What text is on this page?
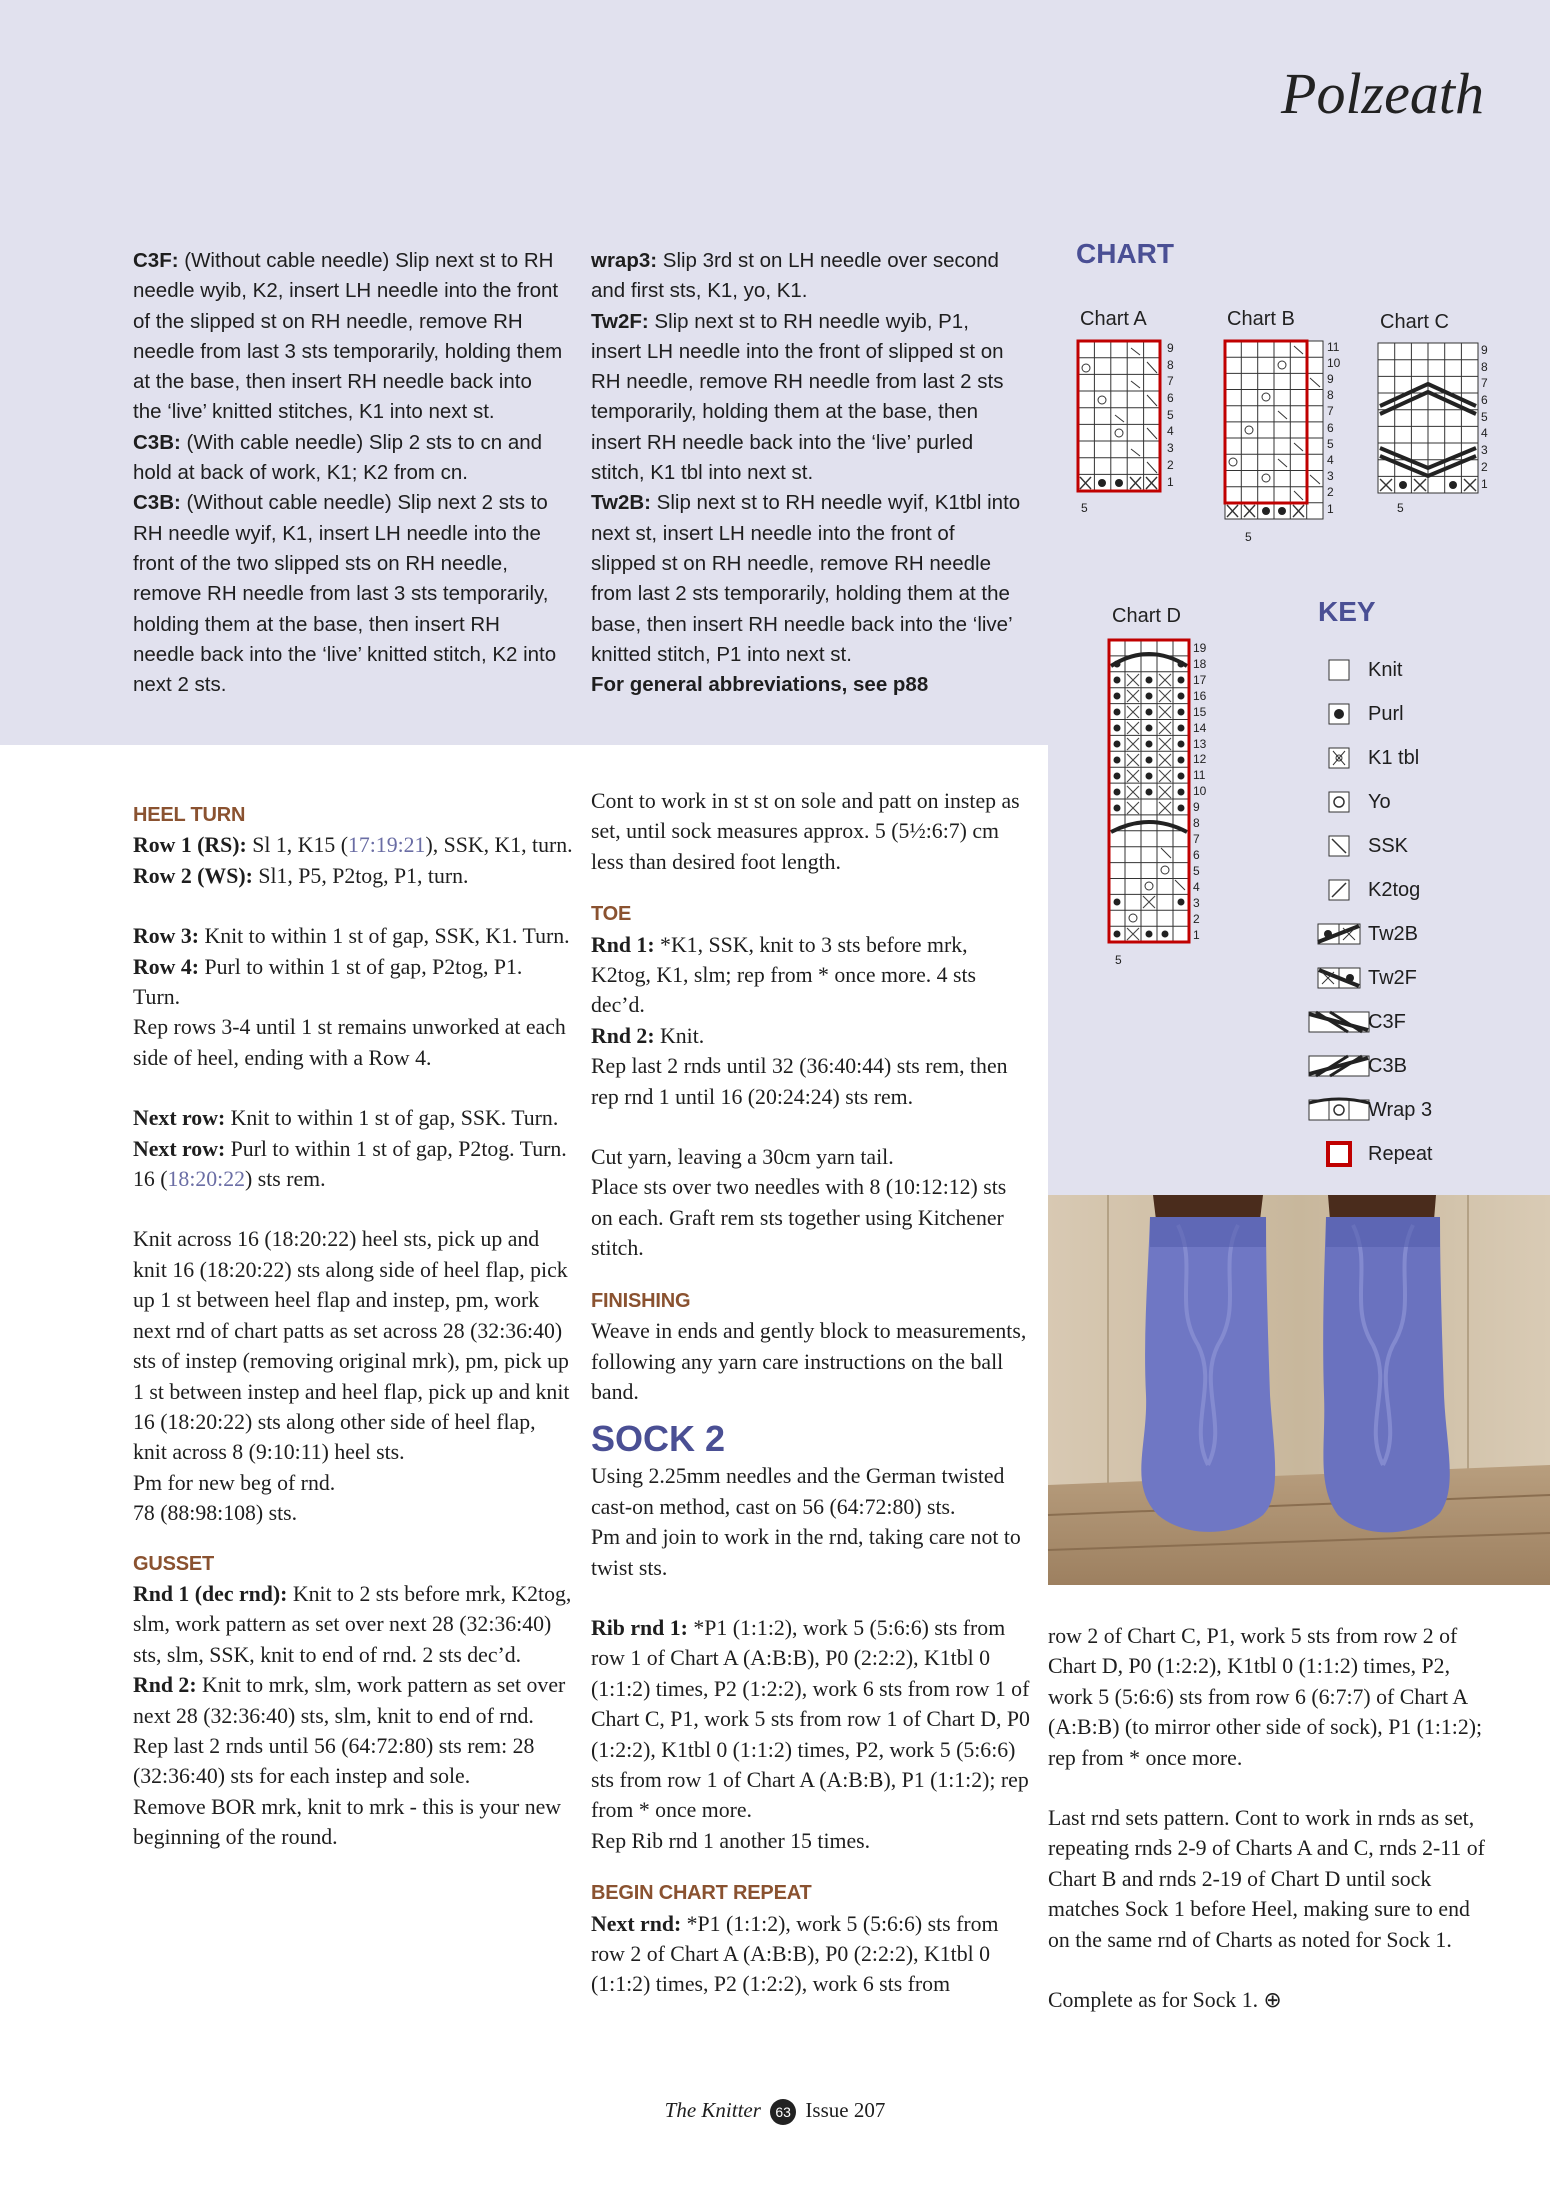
Polzeath
C3F: (Without cable needle) Slip next st to RH needle wyib, K2, insert LH needle into the front of the slipped st on RH needle, remove RH needle from last 3 sts temporarily, holding them at the base, then insert RH needle back into the ‘live’ knitted stitches, K1 into next st.
C3B: (With cable needle) Slip 2 sts to cn and hold at back of work, K1; K2 from cn.
C3B: (Without cable needle) Slip next 2 sts to RH needle wyif, K1, insert LH needle into the front of the two slipped sts on RH needle, remove RH needle from last 3 sts temporarily, holding them at the base, then insert RH needle back into the ‘live’ knitted stitch, K2 into next 2 sts.
wrap3: Slip 3rd st on LH needle over second and first sts, K1, yo, K1.
Tw2F: Slip next st to RH needle wyib, P1, insert LH needle into the front of slipped st on RH needle, remove RH needle from last 2 sts temporarily, holding them at the base, then insert RH needle back into the ‘live’ purled stitch, K1 tbl into next st.
Tw2B: Slip next st to RH needle wyif, K1tbl into next st, insert LH needle into the front of slipped st on RH needle, remove RH needle from last 2 sts temporarily, holding them at the base, then insert RH needle back into the ‘live’ knitted stitch, P1 into next st.
For general abbreviations, see p88
CHART
Chart A	Chart B	Chart C
Chart D
9
8
7
6
5
4
3
2
1
5
11
10
9
8
7
6
5
4
3
2
1
5
9
8
7
6
5
4
3
2
1
5
19
18
17
16
15
14
13
12
11
10
9
8
7
6
5
4
3
2
1
5
KEY
Knit
Purl
K1 tbl
Yo
SSK
K2tog
Tw2B
Tw2F
C3F
C3B
Wrap 3
Repeat
HEEL TURN
Row 1 (RS): Sl 1, K15 (17:19:21), SSK, K1, turn.
Row 2 (WS): Sl1, P5, P2tog, P1, turn.
Row 3: Knit to within 1 st of gap, SSK, K1. Turn.
Row 4: Purl to within 1 st of gap, P2tog, P1. Turn.
Rep rows 3-4 until 1 st remains unworked at each side of heel, ending with a Row 4.
Next row: Knit to within 1 st of gap, SSK. Turn.
Next row: Purl to within 1 st of gap, P2tog. Turn.
16 (18:20:22) sts rem.
Knit across 16 (18:20:22) heel sts, pick up and knit 16 (18:20:22) sts along side of heel flap, pick up 1 st between heel flap and instep, pm, work next rnd of chart patts as set across 28 (32:36:40) sts of instep (removing original mrk), pm, pick up 1 st between instep and heel flap, pick up and knit 16 (18:20:22) sts along other side of heel flap, knit across 8 (9:10:11) heel sts.
Pm for new beg of rnd.
78 (88:98:108) sts.
GUSSET
Rnd 1 (dec rnd): Knit to 2 sts before mrk, K2tog, slm, work pattern as set over next 28 (32:36:40) sts, slm, SSK, knit to end of rnd. 2 sts dec’d.
Rnd 2: Knit to mrk, slm, work pattern as set over next 28 (32:36:40) sts, slm, knit to end of rnd.
Rep last 2 rnds until 56 (64:72:80) sts rem: 28 (32:36:40) sts for each instep and sole.
Remove BOR mrk, knit to mrk - this is your new beginning of the round.
Cont to work in st st on sole and patt on instep as set, until sock measures approx. 5 (5½:6:7) cm less than desired foot length.
TOE
Rnd 1: *K1, SSK, knit to 3 sts before mrk, K2tog, K1, slm; rep from * once more. 4 sts dec’d.
Rnd 2: Knit.
Rep last 2 rnds until 32 (36:40:44) sts rem, then rep rnd 1 until 16 (20:24:24) sts rem.
Cut yarn, leaving a 30cm yarn tail.
Place sts over two needles with 8 (10:12:12) sts on each. Graft rem sts together using Kitchener stitch.
FINISHING
Weave in ends and gently block to measurements, following any yarn care instructions on the ball band.
SOCK 2
Using 2.25mm needles and the German twisted cast-on method, cast on 56 (64:72:80) sts.
Pm and join to work in the rnd, taking care not to twist sts.
Rib rnd 1: *P1 (1:1:2), work 5 (5:6:6) sts from row 1 of Chart A (A:B:B), P0 (2:2:2), K1tbl 0 (1:1:2) times, P2 (1:2:2), work 6 sts from row 1 of Chart C, P1, work 5 sts from row 1 of Chart D, P0 (1:2:2), K1tbl 0 (1:1:2) times, P2, work 5 (5:6:6) sts from row 1 of Chart A (A:B:B), P1 (1:1:2); rep from * once more.
Rep Rib rnd 1 another 15 times.
BEGIN CHART REPEAT
Next rnd: *P1 (1:1:2), work 5 (5:6:6) sts from row 2 of Chart A (A:B:B), P0 (2:2:2), K1tbl 0 (1:1:2) times, P2 (1:2:2), work 6 sts from
row 2 of Chart C, P1, work 5 sts from row 2 of Chart D, P0 (1:2:2), K1tbl 0 (1:1:2) times, P2, work 5 (5:6:6) sts from row 6 (6:7:7) of Chart A (A:B:B) (to mirror other side of sock), P1 (1:1:2); rep from * once more.
Last rnd sets pattern. Cont to work in rnds as set, repeating rnds 2-9 of Charts A and C, rnds 2-11 of Chart B and rnds 2-19 of Chart D until sock matches Sock 1 before Heel, making sure to end on the same rnd of Charts as noted for Sock 1.
Complete as for Sock 1. ⊕
The Knitter 63 Issue 207
